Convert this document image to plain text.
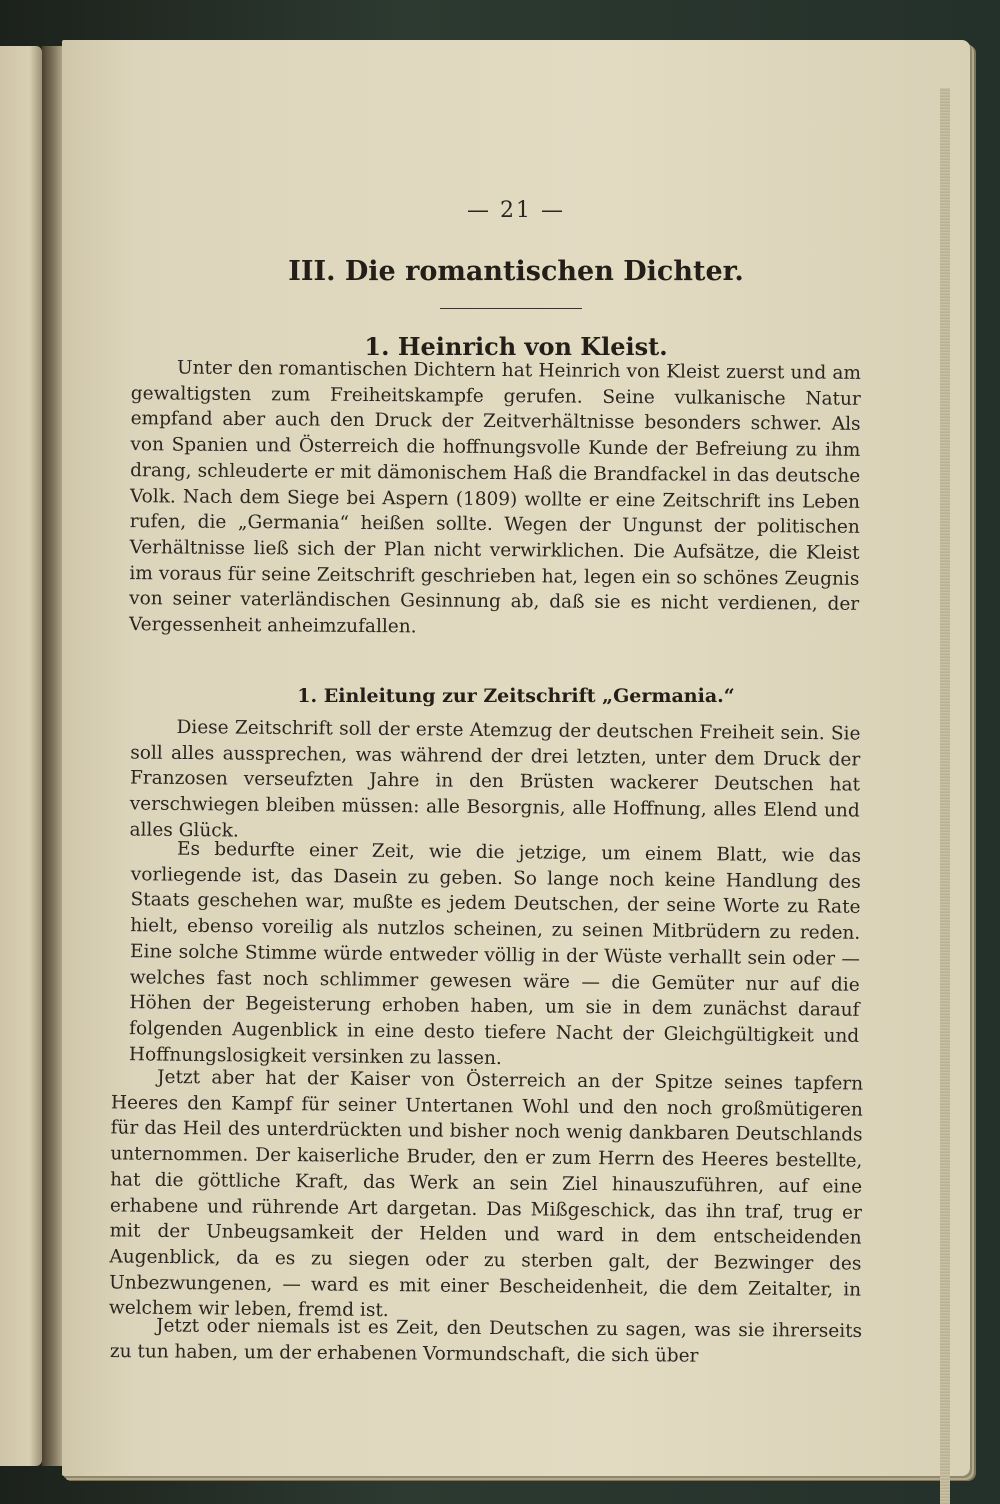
— 21 —
III. Die romantischen Dichter.
1. Heinrich von Kleist.
Unter den romantischen Dichtern hat Heinrich von Kleist zuerst und am gewaltigsten zum Freiheitskampfe gerufen. Seine vulkanische Natur empfand aber auch den Druck der Zeitverhältnisse besonders schwer. Als von Spanien und Österreich die hoffnungsvolle Kunde der Befreiung zu ihm drang, schleuderte er mit dämonischem Haß die Brandfackel in das deutsche Volk. Nach dem Siege bei Aspern (1809) wollte er eine Zeitschrift ins Leben rufen, die „Germania“ heißen sollte. Wegen der Ungunst der politischen Verhältnisse ließ sich der Plan nicht verwirklichen. Die Aufsätze, die Kleist im voraus für seine Zeitschrift geschrieben hat, legen ein so schönes Zeugnis von seiner vaterländischen Gesinnung ab, daß sie es nicht verdienen, der Vergessenheit anheimzufallen.
1. Einleitung zur Zeitschrift „Germania.“
Diese Zeitschrift soll der erste Atemzug der deutschen Freiheit sein. Sie soll alles aussprechen, was während der drei letzten, unter dem Druck der Franzosen verseufzten Jahre in den Brüsten wackerer Deutschen hat verschwiegen bleiben müssen: alle Besorgnis, alle Hoffnung, alles Elend und alles Glück.
Es bedurfte einer Zeit, wie die jetzige, um einem Blatt, wie das vorliegende ist, das Dasein zu geben. So lange noch keine Handlung des Staats geschehen war, mußte es jedem Deutschen, der seine Worte zu Rate hielt, ebenso voreilig als nutzlos scheinen, zu seinen Mitbrüdern zu reden. Eine solche Stimme würde entweder völlig in der Wüste verhallt sein oder — welches fast noch schlimmer gewesen wäre — die Gemüter nur auf die Höhen der Begeisterung erhoben haben, um sie in dem zunächst darauf folgenden Augenblick in eine desto tiefere Nacht der Gleichgültigkeit und Hoffnungslosigkeit versinken zu lassen.
Jetzt aber hat der Kaiser von Österreich an der Spitze seines tapfern Heeres den Kampf für seiner Untertanen Wohl und den noch großmütigeren für das Heil des unterdrückten und bisher noch wenig dankbaren Deutschlands unternommen. Der kaiserliche Bruder, den er zum Herrn des Heeres bestellte, hat die göttliche Kraft, das Werk an sein Ziel hinauszuführen, auf eine erhabene und rührende Art dargetan. Das Mißgeschick, das ihn traf, trug er mit der Unbeugsamkeit der Helden und ward in dem entscheidenden Augenblick, da es zu siegen oder zu sterben galt, der Bezwinger des Unbezwungenen, — ward es mit einer Bescheidenheit, die dem Zeitalter, in welchem wir leben, fremd ist.
Jetzt oder niemals ist es Zeit, den Deutschen zu sagen, was sie ihrerseits zu tun haben, um der erhabenen Vormundschaft, die sich über
